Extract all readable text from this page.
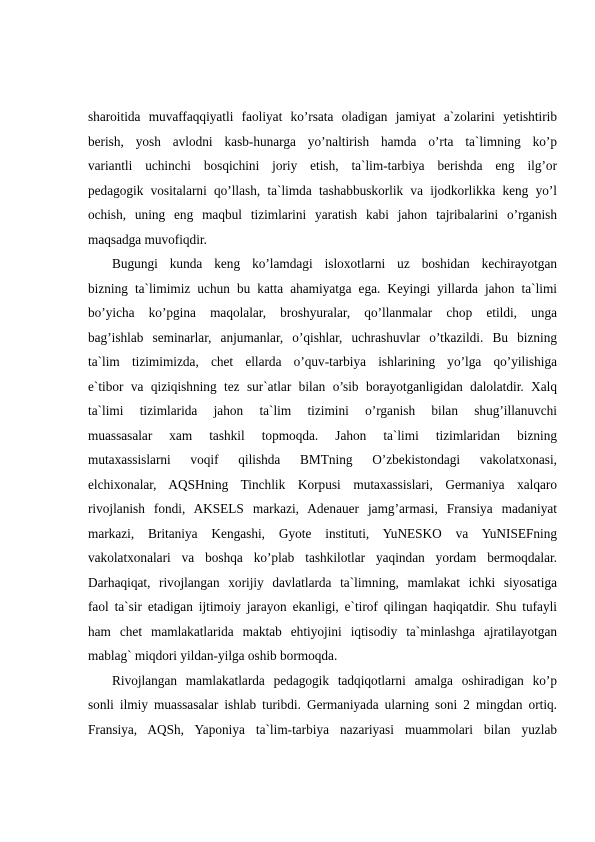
sharoitida muvaffaqqiyatli faoliyat ko’rsata oladigan jamiyat a`zolarini yetishtirib
berish, yosh avlodni kasb-hunarga yo’naltirish hamda o’rta ta`limning ko’p
variantli uchinchi bosqichini joriy etish, ta`lim-tarbiya berishda eng ilg’or
pedagogik vositalarni qo’llash, ta`limda tashabbuskorlik va ijodkorlikka keng yo’l
ochish, uning eng maqbul tizimlarini yaratish kabi jahon tajribalarini o’rganish
maqsadga muvofiqdir.
Bugungi kunda keng ko’lamdagi isloxotlarni uz boshidan kechirayotgan
bizning ta`limimiz uchun bu katta ahamiyatga ega. Keyingi yillarda jahon ta`limi
bo’yicha ko’pgina maqolalar, broshyuralar, qo’llanmalar chop etildi, unga
bag’ishlab seminarlar, anjumanlar, o’qishlar, uchrashuvlar o’tkazildi. Bu bizning
ta`lim tizimimizda, chet ellarda o’quv-tarbiya ishlarining yo’lga qo’yilishiga
e`tibor va qiziqishning tez sur`atlar bilan o’sib borayotganligidan dalolatdir. Xalq
ta`limi tizimlarida jahon ta`lim tizimini o’rganish bilan shug’illanuvchi
muassasalar xam tashkil topmoqda. Jahon ta`limi tizimlaridan bizning
mutaxassislarni voqif qilishda BMTning O’zbekistondagi vakolatxonasi,
elchixonalar, AQSHning Tinchlik Korpusi mutaxassislari, Germaniya xalqaro
rivojlanish fondi, AKSELS markazi, Adenauer jamg’armasi, Fransiya madaniyat
markazi, Britaniya Kengashi, Gyote instituti, YuNESKO va YuNISEFning
vakolatxonalari va boshqa ko’plab tashkilotlar yaqindan yordam bermoqdalar.
Darhaqiqat, rivojlangan xorijiy davlatlarda ta`limning, mamlakat ichki siyosatiga
faol ta`sir etadigan ijtimoiy jarayon ekanligi, e`tirof qilingan haqiqatdir. Shu tufayli
ham chet mamlakatlarida maktab ehtiyojini iqtisodiy ta`minlashga ajratilayotgan
mablag` miqdori yildan-yilga oshib bormoqda.
Rivojlangan mamlakatlarda pedagogik tadqiqotlarni amalga oshiradigan ko’p
sonli ilmiy muassasalar ishlab turibdi. Germaniyada ularning soni 2 mingdan ortiq.
Fransiya, AQSh, Yaponiya ta`lim-tarbiya nazariyasi muammolari bilan yuzlab
